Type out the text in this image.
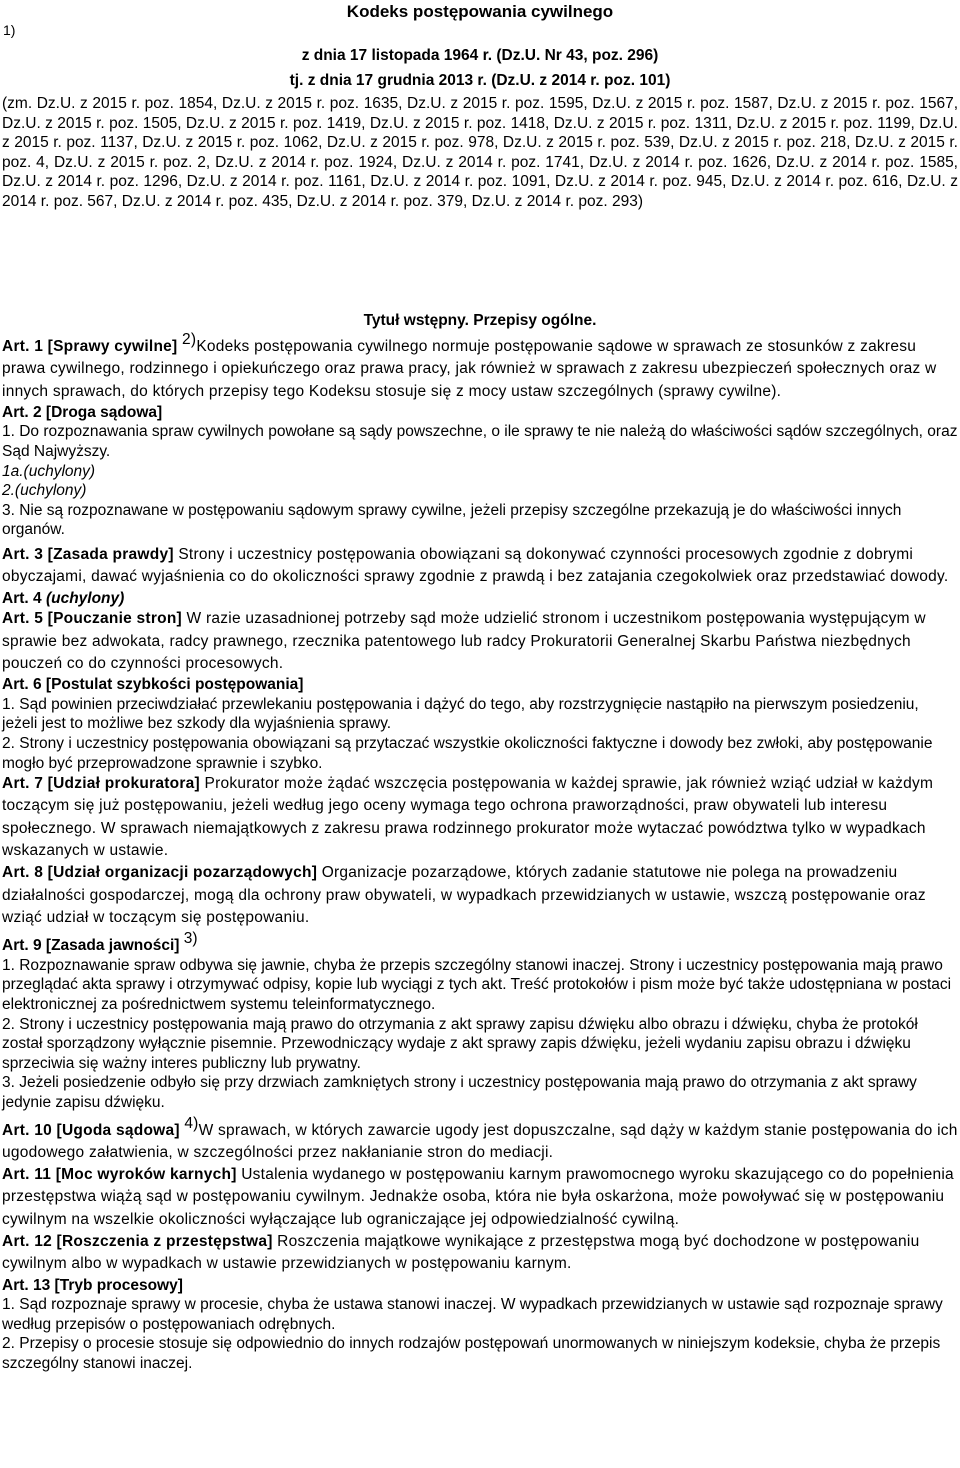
1)
Kodeks postępowania cywilnego
z dnia 17 listopada 1964 r. (Dz.U. Nr 43, poz. 296)
tj. z dnia 17 grudnia 2013 r. (Dz.U. z 2014 r. poz. 101)
(zm. Dz.U. z 2015 r. poz. 1854, Dz.U. z 2015 r. poz. 1635, Dz.U. z 2015 r. poz. 1595, Dz.U. z 2015 r. poz. 1587, Dz.U. z 2015 r. poz. 1567, Dz.U. z 2015 r. poz. 1505, Dz.U. z 2015 r. poz. 1419, Dz.U. z 2015 r. poz. 1418, Dz.U. z 2015 r. poz. 1311, Dz.U. z 2015 r. poz. 1199, Dz.U. z 2015 r. poz. 1137, Dz.U. z 2015 r. poz. 1062, Dz.U. z 2015 r. poz. 978, Dz.U. z 2015 r. poz. 539, Dz.U. z 2015 r. poz. 218, Dz.U. z 2015 r. poz. 4, Dz.U. z 2015 r. poz. 2, Dz.U. z 2014 r. poz. 1924, Dz.U. z 2014 r. poz. 1741, Dz.U. z 2014 r. poz. 1626, Dz.U. z 2014 r. poz. 1585, Dz.U. z 2014 r. poz. 1296, Dz.U. z 2014 r. poz. 1161, Dz.U. z 2014 r. poz. 1091, Dz.U. z 2014 r. poz. 945, Dz.U. z 2014 r. poz. 616, Dz.U. z 2014 r. poz. 567, Dz.U. z 2014 r. poz. 435, Dz.U. z 2014 r. poz. 379, Dz.U. z 2014 r. poz. 293)
Tytuł wstępny. Przepisy ogólne.
Art. 1 [Sprawy cywilne] 2)Kodeks postępowania cywilnego normuje postępowanie sądowe w sprawach ze stosunków z zakresu prawa cywilnego, rodzinnego i opiekuńczego oraz prawa pracy, jak również w sprawach z zakresu ubezpieczeń społecznych oraz w innych sprawach, do których przepisy tego Kodeksu stosuje się z mocy ustaw szczególnych (sprawy cywilne).
Art. 2 [Droga sądowa]
1. Do rozpoznawania spraw cywilnych powołane są sądy powszechne, o ile sprawy te nie należą do właściwości sądów szczególnych, oraz Sąd Najwyższy.
1a.(uchylony)
2.(uchylony)
3. Nie są rozpoznawane w postępowaniu sądowym sprawy cywilne, jeżeli przepisy szczególne przekazują je do właściwości innych organów.
Art. 3 [Zasada prawdy] Strony i uczestnicy postępowania obowiązani są dokonywać czynności procesowych zgodnie z dobrymi obyczajami, dawać wyjaśnienia co do okoliczności sprawy zgodnie z prawdą i bez zatajania czegokolwiek oraz przedstawiać dowody.
Art. 4 (uchylony)
Art. 5 [Pouczanie stron] W razie uzasadnionej potrzeby sąd może udzielić stronom i uczestnikom postępowania występującym w sprawie bez adwokata, radcy prawnego, rzecznika patentowego lub radcy Prokuratorii Generalnej Skarbu Państwa niezbędnych pouczeń co do czynności procesowych.
Art. 6 [Postulat szybkości postępowania]
1. Sąd powinien przeciwdziałać przewlekaniu postępowania i dążyć do tego, aby rozstrzygnięcie nastąpiło na pierwszym posiedzeniu, jeżeli jest to możliwe bez szkody dla wyjaśnienia sprawy.
2. Strony i uczestnicy postępowania obowiązani są przytaczać wszystkie okoliczności faktyczne i dowody bez zwłoki, aby postępowanie mogło być przeprowadzone sprawnie i szybko.
Art. 7 [Udział prokuratora] Prokurator może żądać wszczęcia postępowania w każdej sprawie, jak również wziąć udział w każdym toczącym się już postępowaniu, jeżeli według jego oceny wymaga tego ochrona praworządności, praw obywateli lub interesu społecznego. W sprawach niemajątkowych z zakresu prawa rodzinnego prokurator może wytaczać powództwa tylko w wypadkach wskazanych w ustawie.
Art. 8 [Udział organizacji pozarządowych] Organizacje pozarządowe, których zadanie statutowe nie polega na prowadzeniu działalności gospodarczej, mogą dla ochrony praw obywateli, w wypadkach przewidzianych w ustawie, wszczą postępowanie oraz wziąć udział w toczącym się postępowaniu.
Art. 9 [Zasada jawności] 3)
1. Rozpoznawanie spraw odbywa się jawnie, chyba że przepis szczególny stanowi inaczej. Strony i uczestnicy postępowania mają prawo przeglądać akta sprawy i otrzymywać odpisy, kopie lub wyciągi z tych akt. Treść protokołów i pism może być także udostępniana w postaci elektronicznej za pośrednictwem systemu teleinformatycznego.
2. Strony i uczestnicy postępowania mają prawo do otrzymania z akt sprawy zapisu dźwięku albo obrazu i dźwięku, chyba że protokół został sporządzony wyłącznie pisemnie. Przewodniczący wydaje z akt sprawy zapis dźwięku, jeżeli wydaniu zapisu obrazu i dźwięku sprzeciwia się ważny interes publiczny lub prywatny.
3. Jeżeli posiedzenie odbyło się przy drzwiach zamkniętych strony i uczestnicy postępowania mają prawo do otrzymania z akt sprawy jedynie zapisu dźwięku.
Art. 10 [Ugoda sądowa] 4)W sprawach, w których zawarcie ugody jest dopuszczalne, sąd dąży w każdym stanie postępowania do ich ugodowego załatwienia, w szczególności przez nakłanianie stron do mediacji.
Art. 11 [Moc wyroków karnych] Ustalenia wydanego w postępowaniu karnym prawomocnego wyroku skazującego co do popełnienia przestępstwa wiążą sąd w postępowaniu cywilnym. Jednakże osoba, która nie była oskarżona, może powoływać się w postępowaniu cywilnym na wszelkie okoliczności wyłączające lub ograniczające jej odpowiedzialność cywilną.
Art. 12 [Roszczenia z przestępstwa] Roszczenia majątkowe wynikające z przestępstwa mogą być dochodzone w postępowaniu cywilnym albo w wypadkach w ustawie przewidzianych w postępowaniu karnym.
Art. 13 [Tryb procesowy]
1. Sąd rozpoznaje sprawy w procesie, chyba że ustawa stanowi inaczej. W wypadkach przewidzianych w ustawie sąd rozpoznaje sprawy według przepisów o postępowaniach odrębnych.
2. Przepisy o procesie stosuje się odpowiednio do innych rodzajów postępowań unormowanych w niniejszym kodeksie, chyba że przepis szczególny stanowi inaczej.
